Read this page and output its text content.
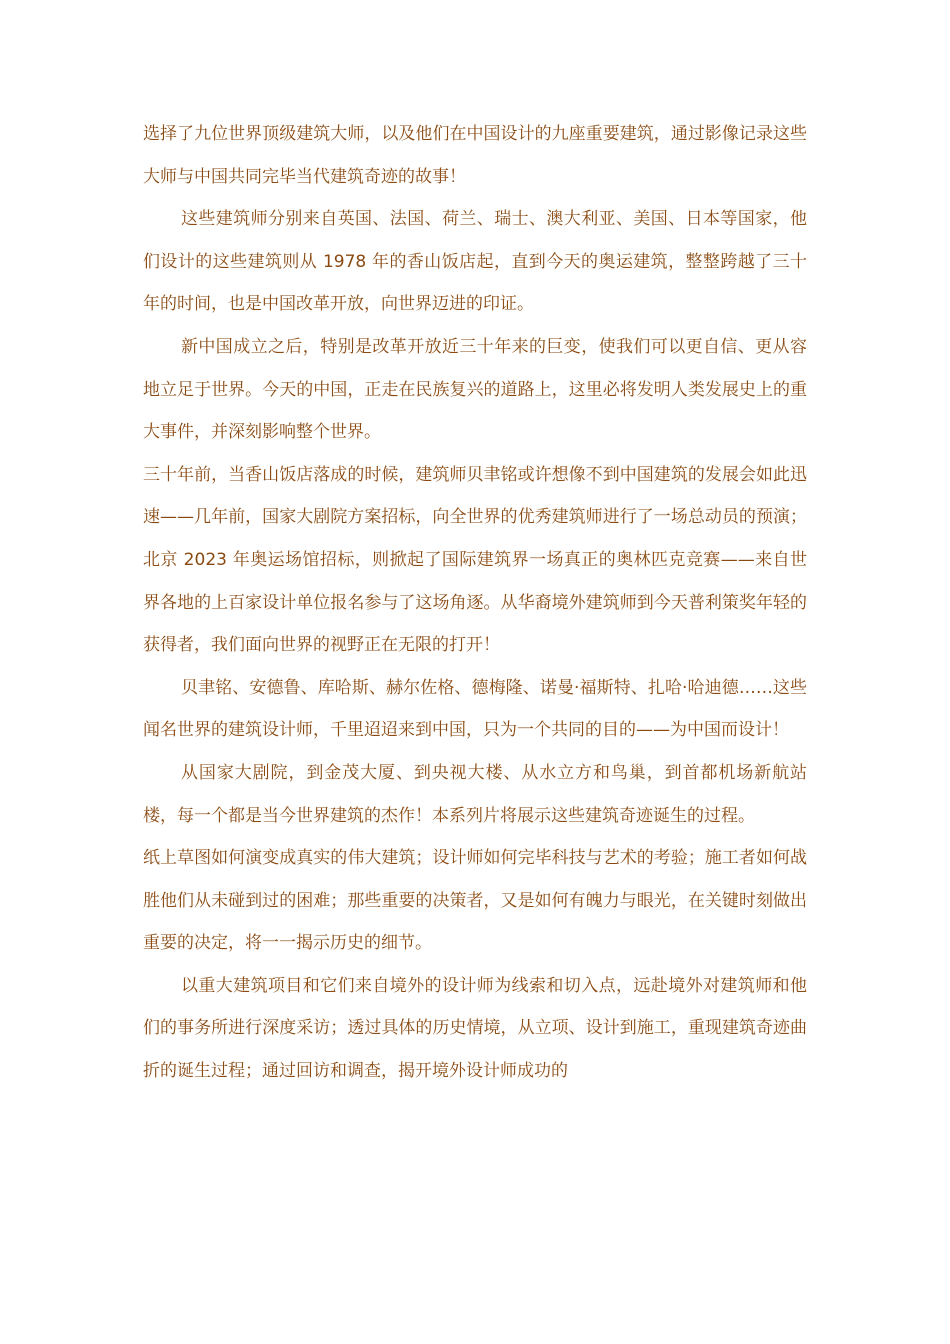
选择了九位世界顶级建筑大师，以及他们在中国设计的九座重要建筑，通过影像记录这些大师与中国共同完毕当代建筑奇迹的故事！

这些建筑师分别来自英国、法国、荷兰、瑞士、澳大利亚、美国、日本等国家，他们设计的这些建筑则从 1978 年的香山饭店起，直到今天的奥运建筑，整整跨越了三十年的时间，也是中国改革开放，向世界迈进的印证。

新中国成立之后，特别是改革开放近三十年来的巨变，使我们可以更自信、更从容地立足于世界。今天的中国，正走在民族复兴的道路上，这里必将发明人类发展史上的重大事件，并深刻影响整个世界。

三十年前，当香山饭店落成的时候，建筑师贝聿铭或许想像不到中国建筑的发展会如此迅速——几年前，国家大剧院方案招标，向全世界的优秀建筑师进行了一场总动员的预演；北京 2023 年奥运场馆招标，则掀起了国际建筑界一场真正的奥林匹克竞赛——来自世界各地的上百家设计单位报名参与了这场角逐。从华裔境外建筑师到今天普利策奖年轻的获得者，我们面向世界的视野正在无限的打开！

贝聿铭、安德鲁、库哈斯、赫尔佐格、德梅隆、诺曼·福斯特、扎哈·哈迪德……这些闻名世界的建筑设计师，千里迢迢来到中国，只为一个共同的目的——为中国而设计！

从国家大剧院，到金茂大厦、到央视大楼、从水立方和鸟巢，到首都机场新航站楼，每一个都是当今世界建筑的杰作！本系列片将展示这些建筑奇迹诞生的过程。

纸上草图如何演变成真实的伟大建筑；设计师如何完毕科技与艺术的考验；施工者如何战胜他们从未碰到过的困难；那些重要的决策者，又是如何有魄力与眼光，在关键时刻做出重要的决定，将一一揭示历史的细节。

以重大建筑项目和它们来自境外的设计师为线索和切入点，远赴境外对建筑师和他们的事务所进行深度采访；透过具体的历史情境，从立项、设计到施工，重现建筑奇迹曲折的诞生过程；通过回访和调查，揭开境外设计师成功的
